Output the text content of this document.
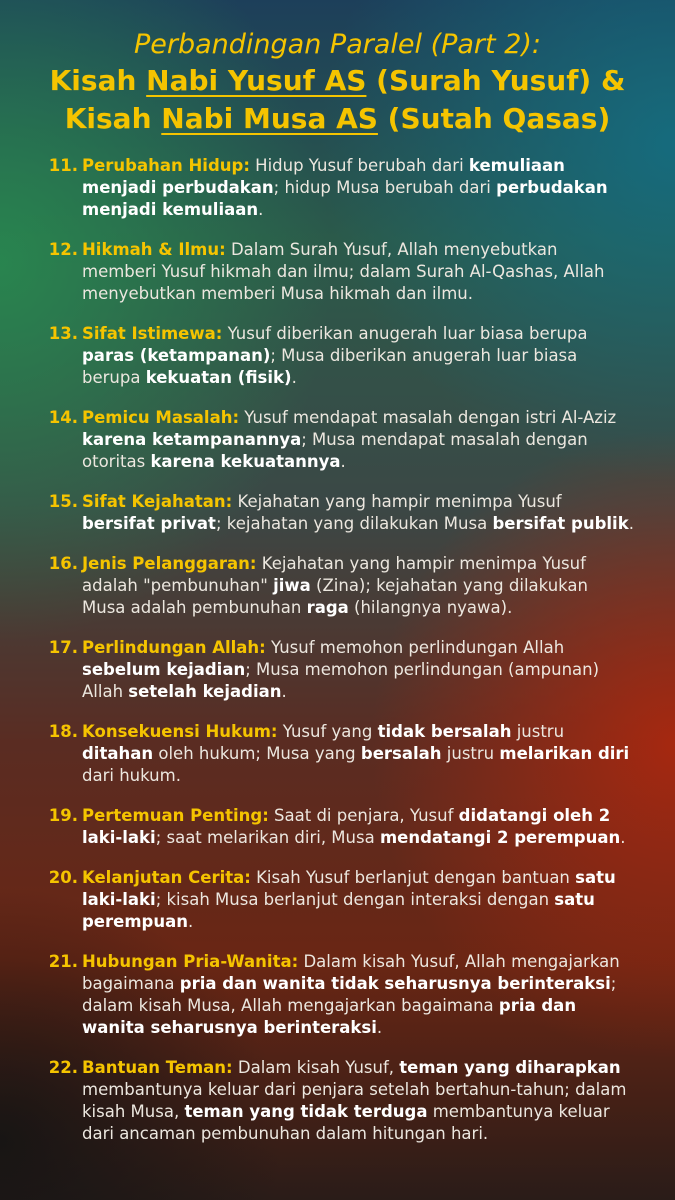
Perbandingan Paralel (Part 2):
Kisah Nabi Yusuf AS (Surah Yusuf) &
Kisah Nabi Musa AS (Sutah Qasas)
11. Perubahan Hidup: Hidup Yusuf berubah dari kemuliaan menjadi perbudakan; hidup Musa berubah dari perbudakan menjadi kemuliaan.
12. Hikmah & Ilmu: Dalam Surah Yusuf, Allah menyebutkan memberi Yusuf hikmah dan ilmu; dalam Surah Al-Qashas, Allah menyebutkan memberi Musa hikmah dan ilmu.
13. Sifat Istimewa: Yusuf diberikan anugerah luar biasa berupa paras (ketampanan); Musa diberikan anugerah luar biasa berupa kekuatan (fisik).
14. Pemicu Masalah: Yusuf mendapat masalah dengan istri Al-Aziz karena ketampanannya; Musa mendapat masalah dengan otoritas karena kekuatannya.
15. Sifat Kejahatan: Kejahatan yang hampir menimpa Yusuf bersifat privat; kejahatan yang dilakukan Musa bersifat publik.
16. Jenis Pelanggaran: Kejahatan yang hampir menimpa Yusuf adalah "pembunuhan" jiwa (Zina); kejahatan yang dilakukan Musa adalah pembunuhan raga (hilangnya nyawa).
17. Perlindungan Allah: Yusuf memohon perlindungan Allah sebelum kejadian; Musa memohon perlindungan (ampunan) Allah setelah kejadian.
18. Konsekuensi Hukum: Yusuf yang tidak bersalah justru ditahan oleh hukum; Musa yang bersalah justru melarikan diri dari hukum.
19. Pertemuan Penting: Saat di penjara, Yusuf didatangi oleh 2 laki-laki; saat melarikan diri, Musa mendatangi 2 perempuan.
20. Kelanjutan Cerita: Kisah Yusuf berlanjut dengan bantuan satu laki-laki; kisah Musa berlanjut dengan interaksi dengan satu perempuan.
21. Hubungan Pria-Wanita: Dalam kisah Yusuf, Allah mengajarkan bagaimana pria dan wanita tidak seharusnya berinteraksi; dalam kisah Musa, Allah mengajarkan bagaimana pria dan wanita seharusnya berinteraksi.
22. Bantuan Teman: Dalam kisah Yusuf, teman yang diharapkan membantunya keluar dari penjara setelah bertahun-tahun; dalam kisah Musa, teman yang tidak terduga membantunya keluar dari ancaman pembunuhan dalam hitungan hari.
